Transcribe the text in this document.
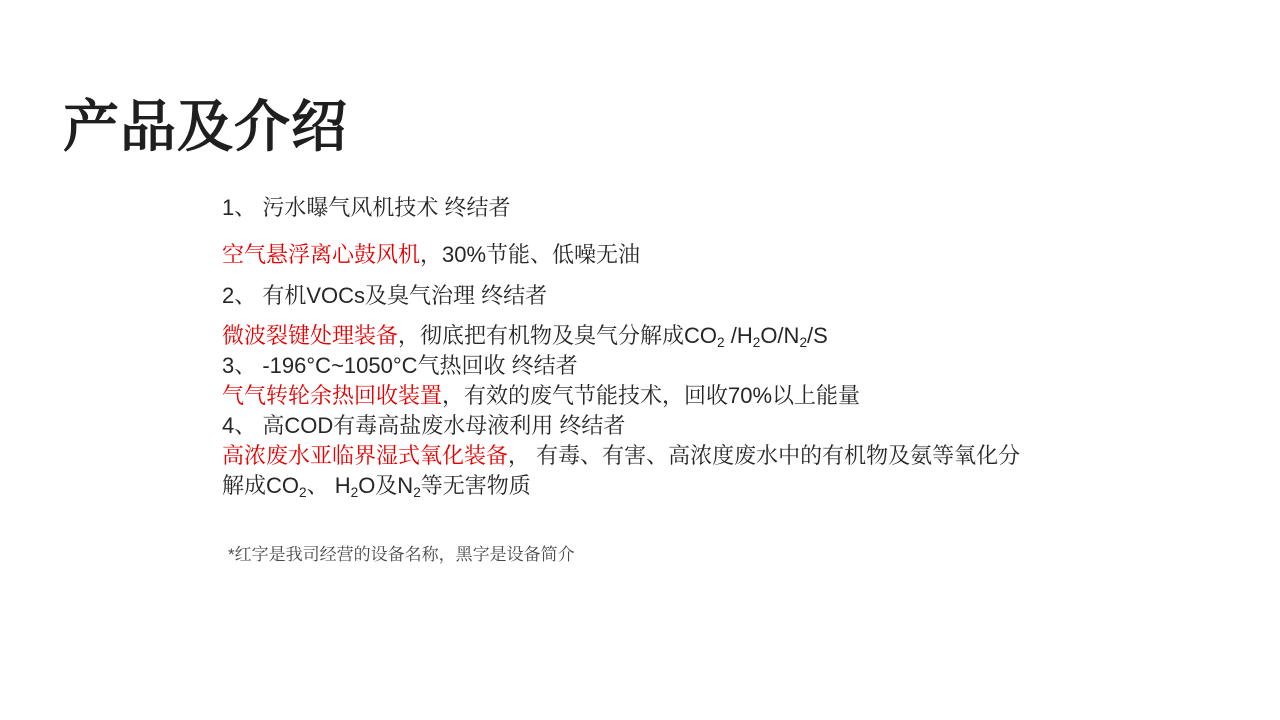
产品及介绍

1、 污水曝气风机技术 终结者

空气悬浮离心鼓风机，30%节能、低噪无油

2、 有机VOCs及臭气治理 终结者

微波裂键处理装备，彻底把有机物及臭气分解成$CO_2$ $/H_2O/N_2/S$

3、 -196°C~1050°C气热回收 终结者

气气转轮余热回收装置，有效的废气节能技术，回收70%以上能量

4、 高COD有毒高盐废水母液利用 终结者

高浓废水亚临界湿式氧化装备， 有毒、有害、高浓度废水中的有机物及氨等氧化分

解成$CO_2$、 $H_2O$及$N_2$等无害物质

*红字是我司经营的设备名称，黑字是设备简介
